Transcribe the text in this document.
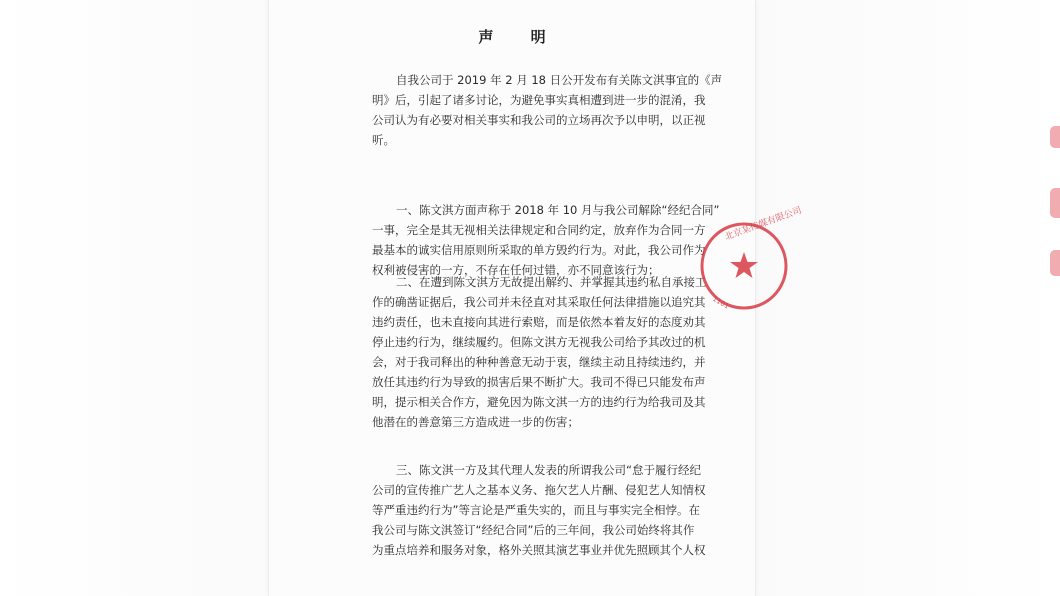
声 明
自我公司于 2019 年 2 月 18 日公开发布有关陈文淇事宜的《声
明》后，引起了诸多讨论，为避免事实真相遭到进一步的混淆，我
公司认为有必要对相关事实和我公司的立场再次予以申明，以正视
听。
一、陈文淇方面声称于 2018 年 10 月与我公司解除“经纪合同”
一事，完全是其无视相关法律规定和合同约定，放弃作为合同一方
最基本的诚实信用原则所采取的单方毁约行为。对此，我公司作为
权利被侵害的一方，不存在任何过错，亦不同意该行为；
二、在遭到陈文淇方无故提出解约、并掌握其违约私自承接工
作的确凿证据后，我公司并未径直对其采取任何法律措施以追究其
违约责任，也未直接向其进行索赔，而是依然本着友好的态度劝其
停止违约行为，继续履约。但陈文淇方无视我公司给予其改过的机
会，对于我司释出的种种善意无动于衷，继续主动且持续违约，并
放任其违约行为导致的损害后果不断扩大。我司不得已只能发布声
明，提示相关合作方，避免因为陈文淇一方的违约行为给我司及其
他潜在的善意第三方造成进一步的伤害；
三、陈文淇一方及其代理人发表的所谓我公司“怠于履行经纪
公司的宣传推广艺人之基本义务、拖欠艺人片酬、侵犯艺人知情权
等严重违约行为”等言论是严重失实的，而且与事实完全相悖。在
我公司与陈文淇签订“经纪合同”后的三年间，我公司始终将其作
为重点培养和服务对象，格外关照其演艺事业并优先照顾其个人权
北京某传媒有限公司
1101
